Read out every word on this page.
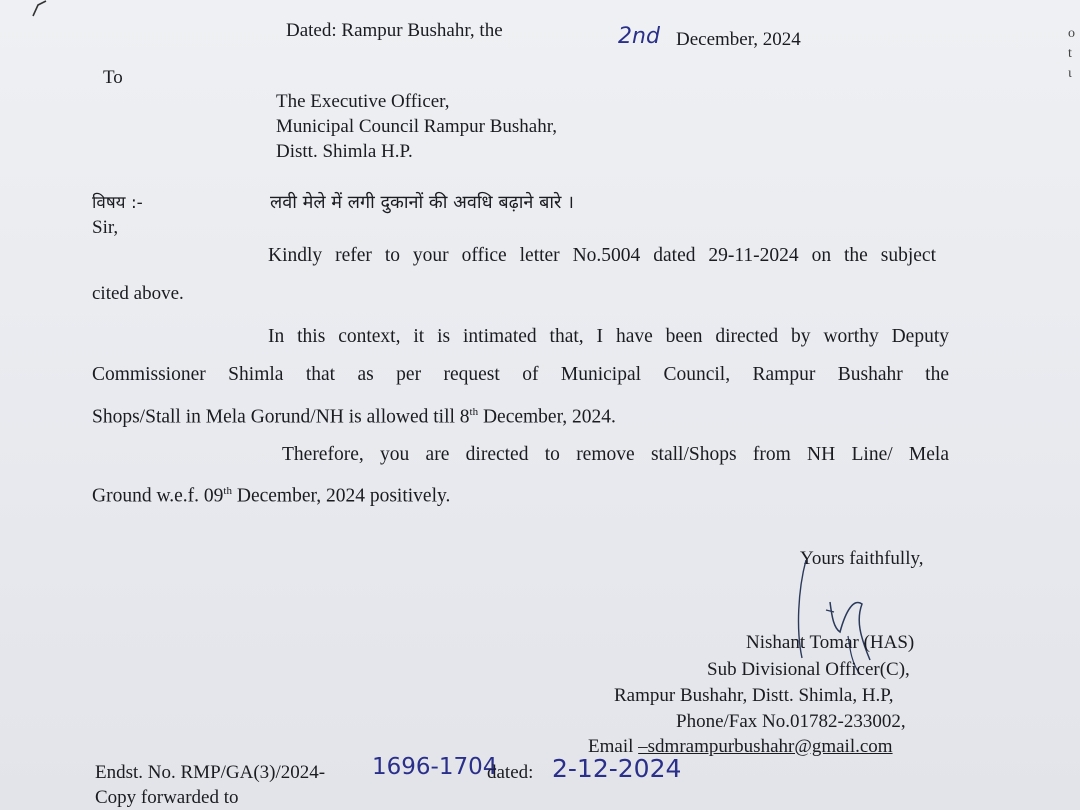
o
t
ι
Dated: Rampur Bushahr, the	2nd December, 2024
To
The Executive Officer,
Municipal Council Rampur Bushahr,
Distt. Shimla H.P.
विषय :-	लवी मेले में लगी दुकानों की अवधि बढ़ाने बारे ।
Sir,
Kindly refer to your office letter No.5004 dated 29-11-2024 on the subject
cited above.
In this context, it is intimated that, I have been directed by worthy Deputy
Commissioner Shimla that as per request of Municipal Council, Rampur Bushahr the
Shops/Stall in Mela Gorund/NH is allowed till 8th December, 2024.
Therefore, you are directed to remove stall/Shops from NH Line/ Mela
Ground w.e.f. 09th December, 2024 positively.
Yours faithfully,
Nishant Tomar (HAS)
Sub Divisional Officer(C),
Rampur Bushahr, Distt. Shimla, H.P,
Phone/Fax No.01782-233002,
Email –sdmrampurbushahr@gmail.com
Endst. No. RMP/GA(3)/2024- 1696-1704
dated: 2-12-2024
Copy forwarded to
